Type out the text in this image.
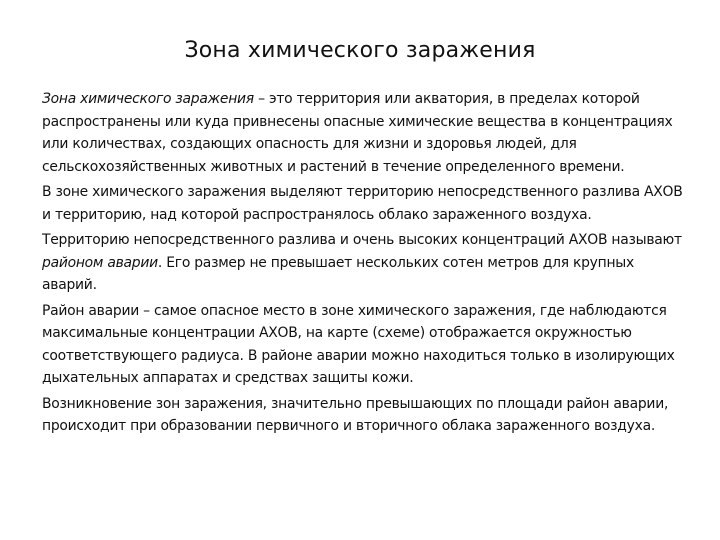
Зона химического заражения

Зона химического заражения – это территория или акватория, в пределах которой распространены или куда привнесены опасные химические вещества в концентрациях или количествах, создающих опасность для жизни и здоровья людей, для сельскохозяйственных животных и растений в течение определенного времени.

В зоне химического заражения выделяют территорию непосредственного разлива АХОВ и территорию, над которой распространялось облако зараженного воздуха.

Территорию непосредственного разлива и очень высоких концентраций АХОВ называют районом аварии. Его размер не превышает нескольких сотен метров для крупных аварий.

Район аварии – самое опасное место в зоне химического заражения, где наблюдаются максимальные концентрации АХОВ, на карте (схеме) отображается окружностью соответствующего радиуса. В районе аварии можно находиться только в изолирующих дыхательных аппаратах и средствах защиты кожи.

Возникновение зон заражения, значительно превышающих по площади район аварии, происходит при образовании первичного и вторичного облака зараженного воздуха.
